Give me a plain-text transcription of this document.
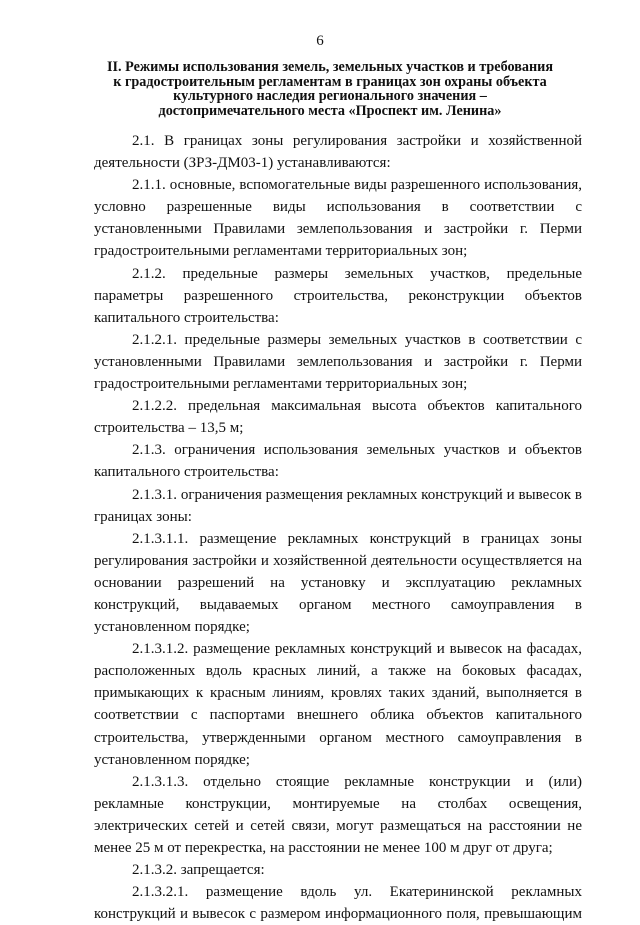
6
II. Режимы использования земель, земельных участков и требования
к градостроительным регламентам в границах зон охраны объекта
культурного наследия регионального значения –
достопримечательного места «Проспект им. Ленина»

2.1. В границах зоны регулирования застройки и хозяйственной деятельности (ЗРЗ-ДМ03-1) устанавливаются:

2.1.1. основные, вспомогательные виды разрешенного использования, условно разрешенные виды использования в соответствии с установленными Правилами землепользования и застройки г. Перми градостроительными регламентами территориальных зон;

2.1.2. предельные размеры земельных участков, предельные параметры разрешенного строительства, реконструкции объектов капитального строительства:

2.1.2.1. предельные размеры земельных участков в соответствии с установленными Правилами землепользования и застройки г. Перми градостроительными регламентами территориальных зон;

2.1.2.2. предельная максимальная высота объектов капитального строительства – 13,5 м;

2.1.3. ограничения использования земельных участков и объектов капитального строительства:

2.1.3.1. ограничения размещения рекламных конструкций и вывесок в границах зоны:

2.1.3.1.1. размещение рекламных конструкций в границах зоны регулирования застройки и хозяйственной деятельности осуществляется на основании разрешений на установку и эксплуатацию рекламных конструкций, выдаваемых органом местного самоуправления в установленном порядке;

2.1.3.1.2. размещение рекламных конструкций и вывесок на фасадах, расположенных вдоль красных линий, а также на боковых фасадах, примыкающих к красным линиям, кровлях таких зданий, выполняется в соответствии с паспортами внешнего облика объектов капитального строительства, утвержденными органом местного самоуправления в установленном порядке;

2.1.3.1.3. отдельно стоящие рекламные конструкции и (или) рекламные конструкции, монтируемые на столбах освещения, электрических сетей и сетей связи, могут размещаться на расстоянии не менее 25 м от перекрестка, на расстоянии не менее 100 м друг от друга;

2.1.3.2. запрещается:

2.1.3.2.1. размещение вдоль ул. Екатерининской рекламных конструкций и вывесок с размером информационного поля, превышающим
